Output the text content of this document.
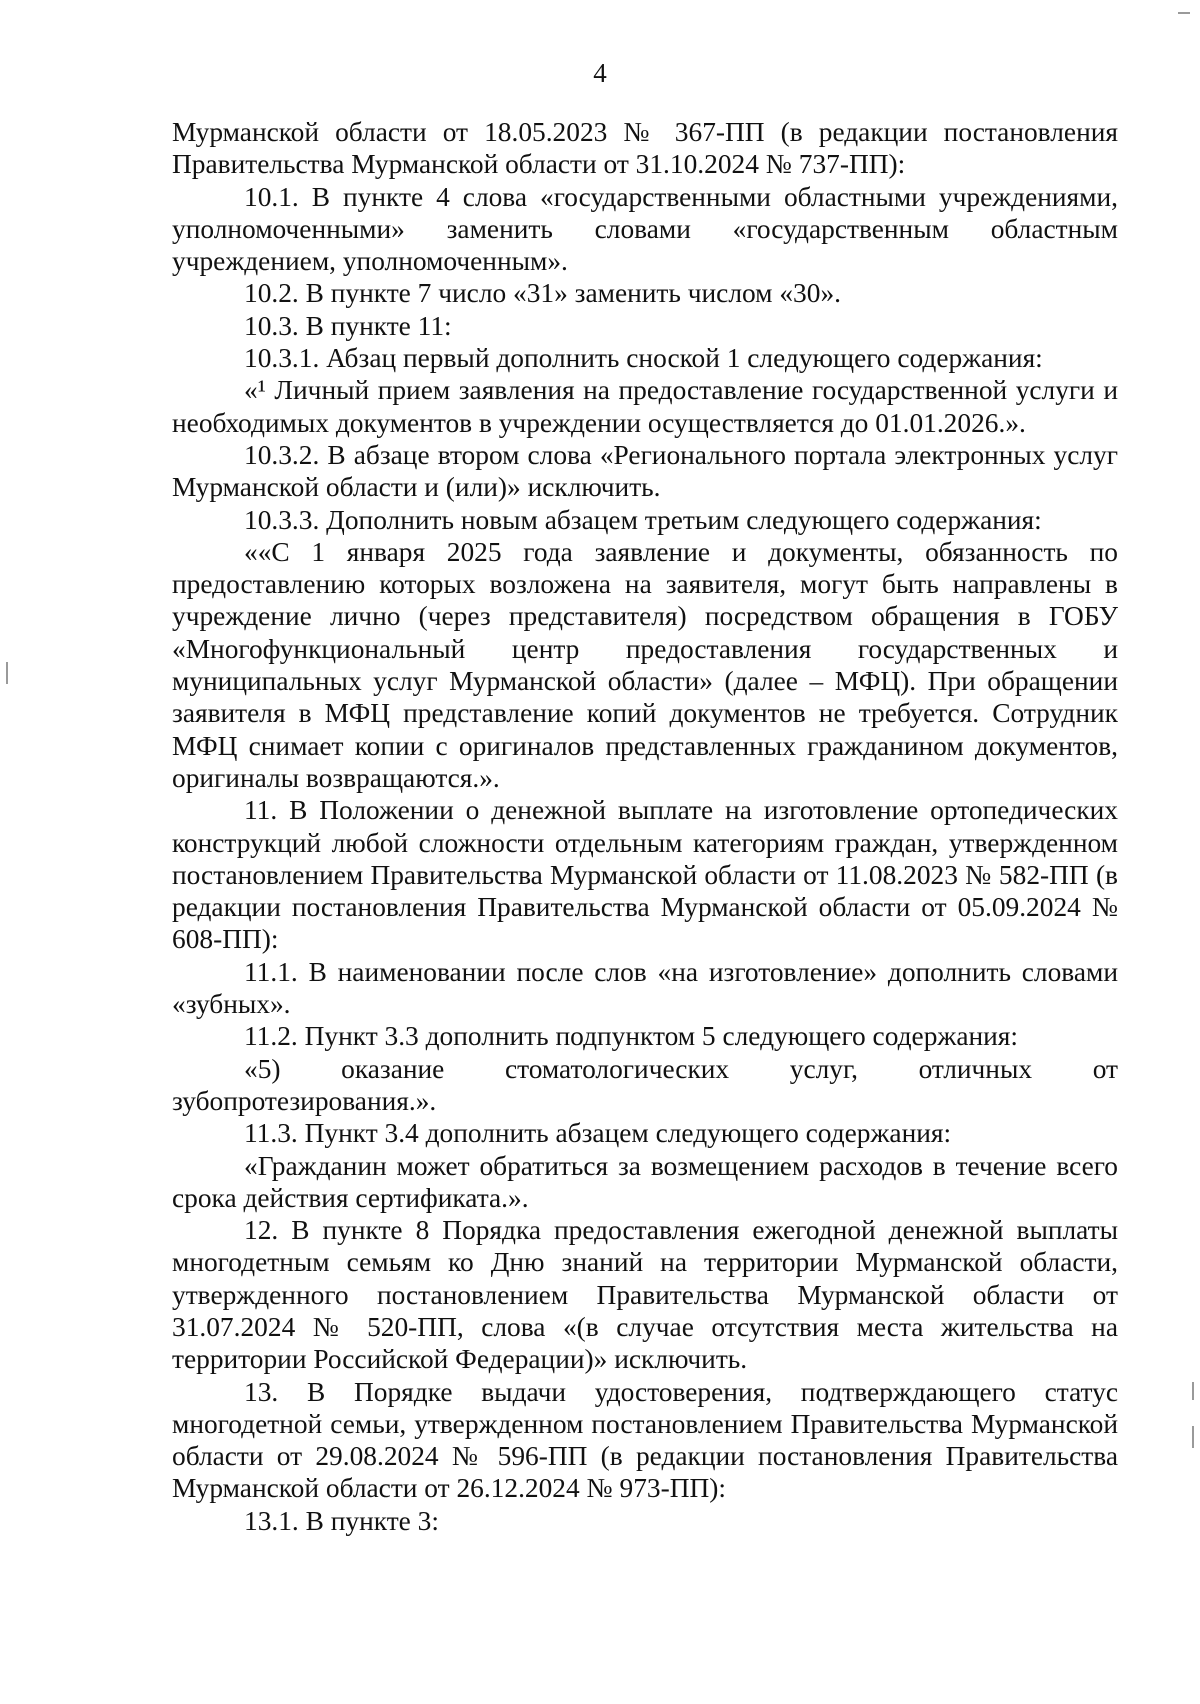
4

Мурманской области от 18.05.2023 № 367-ПП (в редакции постановления Правительства Мурманской области от 31.10.2024 № 737-ПП):

10.1. В пункте 4 слова «государственными областными учреждениями, уполномоченными» заменить словами «государственным областным учреждением, уполномоченным».

10.2. В пункте 7 число «31» заменить числом «30».

10.3. В пункте 11:

10.3.1. Абзац первый дополнить сноской 1 следующего содержания:

«¹ Личный прием заявления на предоставление государственной услуги и необходимых документов в учреждении осуществляется до 01.01.2026.».

10.3.2. В абзаце втором слова «Регионального портала электронных услуг Мурманской области и (или)» исключить.

10.3.3. Дополнить новым абзацем третьим следующего содержания:

««С 1 января 2025 года заявление и документы, обязанность по предоставлению которых возложена на заявителя, могут быть направлены в учреждение лично (через представителя) посредством обращения в ГОБУ «Многофункциональный центр предоставления государственных и муниципальных услуг Мурманской области» (далее – МФЦ). При обращении заявителя в МФЦ представление копий документов не требуется. Сотрудник МФЦ снимает копии с оригиналов представленных гражданином документов, оригиналы возвращаются.».

11. В Положении о денежной выплате на изготовление ортопедических конструкций любой сложности отдельным категориям граждан, утвержденном постановлением Правительства Мурманской области от 11.08.2023 № 582-ПП (в редакции постановления Правительства Мурманской области от 05.09.2024 № 608-ПП):

11.1. В наименовании после слов «на изготовление» дополнить словами «зубных».

11.2. Пункт 3.3 дополнить подпунктом 5 следующего содержания:

«5) оказание стоматологических услуг, отличных от зубопротезирования.».

11.3. Пункт 3.4 дополнить абзацем следующего содержания:

«Гражданин может обратиться за возмещением расходов в течение всего срока действия сертификата.».

12. В пункте 8 Порядка предоставления ежегодной денежной выплаты многодетным семьям ко Дню знаний на территории Мурманской области, утвержденного постановлением Правительства Мурманской области от 31.07.2024 № 520-ПП, слова «(в случае отсутствия места жительства на территории Российской Федерации)» исключить.

13. В Порядке выдачи удостоверения, подтверждающего статус многодетной семьи, утвержденном постановлением Правительства Мурманской области от 29.08.2024 № 596-ПП (в редакции постановления Правительства Мурманской области от 26.12.2024 № 973-ПП):

13.1. В пункте 3:
